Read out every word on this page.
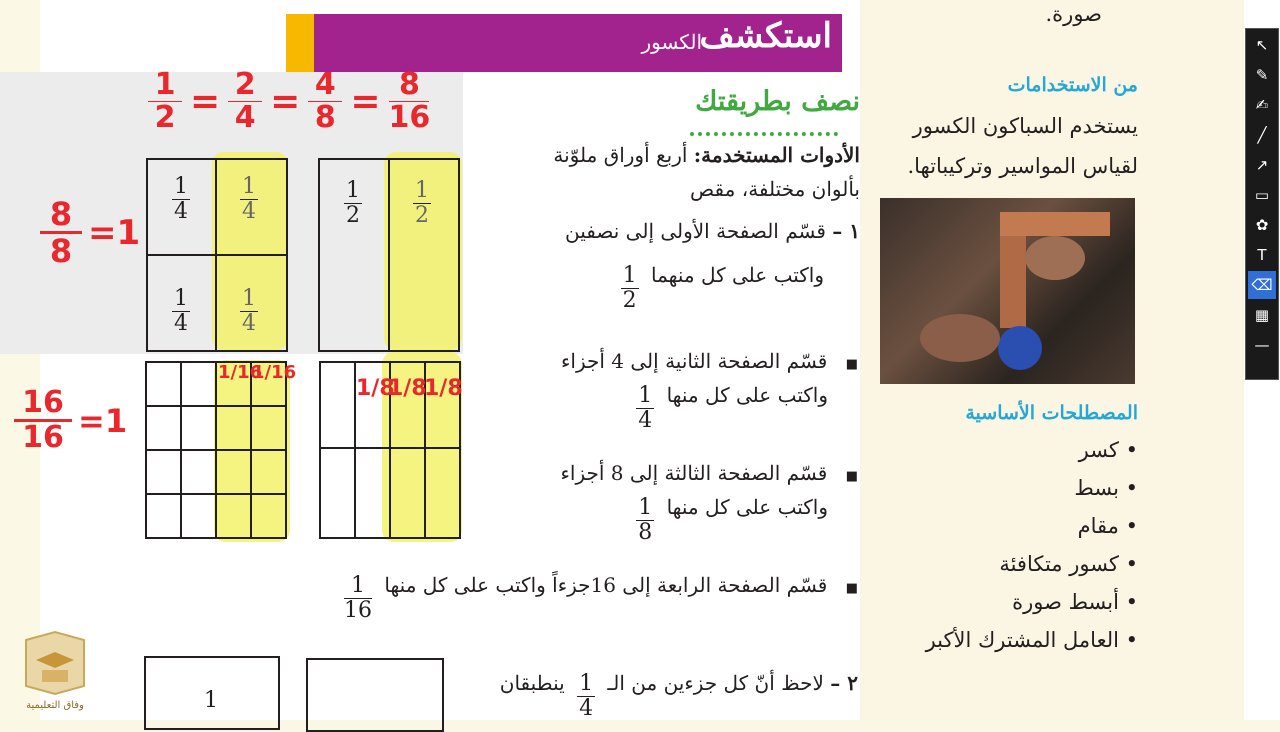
استكشف
الكسور
نصف بطريقتك
الأدوات المستخدمة: أربع أوراق ملوّنة
بألوان مختلفة، مقص
١ – قسّم الصفحة الأولى إلى نصفين
واكتب على كل منهما
$\frac{1}{2}$
■ قسّم الصفحة الثانية إلى 4 أجزاء
واكتب على كل منها
$\frac{1}{4}$
■ قسّم الصفحة الثالثة إلى 8 أجزاء
واكتب على كل منها
$\frac{1}{8}$
■ قسّم الصفحة الرابعة إلى 16جزءاً واكتب على كل منها
$\frac{1}{16}$
٢ – لاحظ أنّ كل جزءين من الـ
$\frac{1}{4}$
ينطبقان
1
2
1
2
1
4
1
4
1
4
1
4
1/16
1/16
1/8
1/8
1/8
1
$\frac{1}{2} = \frac{2}{4} = \frac{4}{8} = \frac{8}{16}$
$\frac{8}{8} =1$
$\frac{16}{16} =1$
صورة.
من الاستخدامات
يستخدم السباكون الكسور
لقياس المواسير وتركيباتها.
المصطلحات الأساسية
• كسر
• بسط
• مقام
• كسور متكافئة
• أبسط صورة
• العامل المشترك الأكبر
وفاق التعليمية
↖
✎
✍
╱
↗
▭
✿
T
⌫
▦
—
↔
